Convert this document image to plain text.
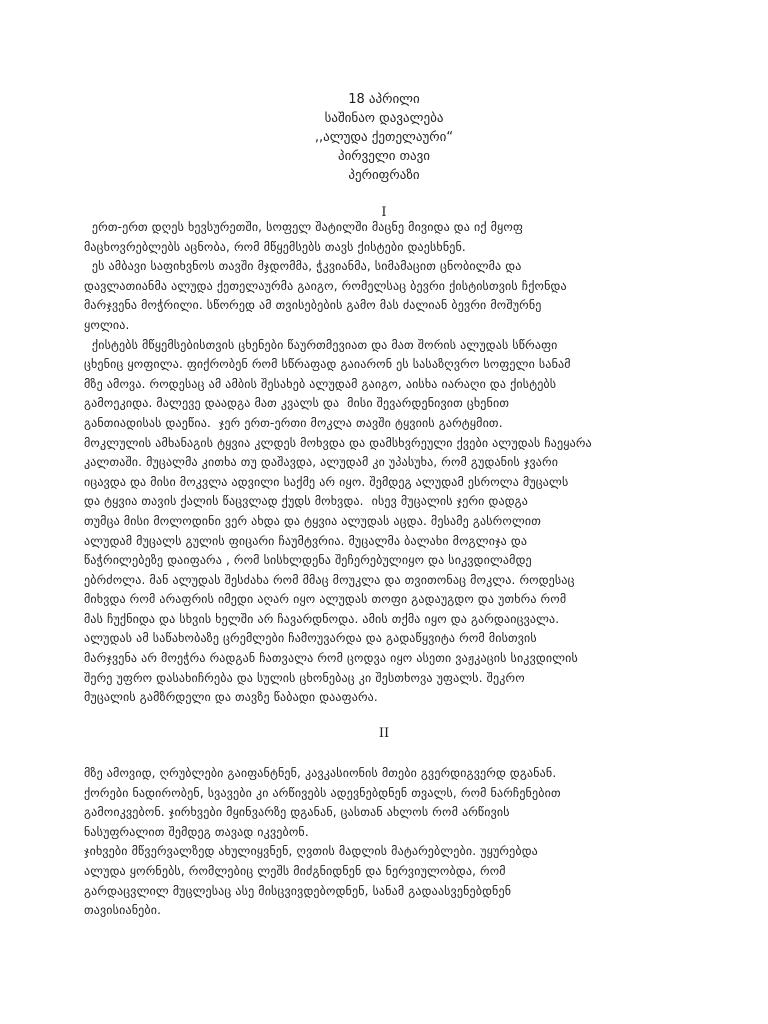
18 აპრილი
საშინაო დავალება
,,ალუდა ქეთელაური“
პირველი თავი
პერიფრაზი
I
ერთ-ერთ დღეს ხევსურეთში, სოფელ შატილში მაცნე მივიდა და იქ მყოფ
მაცხოვრებლებს აცნობა, რომ მწყემსებს თავს ქისტები დაესხნენ.
ეს ამბავი საფიხვნოს თავში მჯდომმა, ჭკვიანმა, სიმამაცით ცნობილმა და
დავლათიანმა ალუდა ქეთელაურმა გაიგო, რომელსაც ბევრი ქისტისთვის ჩქონდა
მარჯვენა მოჭრილი. სწორედ ამ თვისებების გამო მას ძალიან ბევრი მოშურნე
ყოლია.
ქისტებს მწყემსებისთვის ცხენები წაურთმევიათ და მათ შორის ალუდას სწრაფი
ცხენიც ყოფილა. ფიქრობენ რომ სწრაფად გაიარონ ეს სასაზღვრო სოფელი სანამ
მზე ამოვა. როდესაც ამ ამბის შესახებ ალუდამ გაიგო, აისხა იარაღი და ქისტებს
გამოეკიდა. მალევე დაადგა მათ კვალს და  მისი შევარდენივით ცხენით
განთიადისას დაეწია.  ჯერ ერთ-ერთი მოკლა თავში ტყვიის გარტყმით.
მოკლულის ამხანაგის ტყვია კლდეს მოხვდა და დამსხვრეული ქვები ალუდას ჩაეყარა
კალთაში. მუცალმა კითხა თუ დაშავდა, ალუდამ კი უპასუხა, რომ გუდანის ჯვარი
იცავდა და მისი მოკვლა ადვილი საქმე არ იყო. შემდეგ ალუდამ ესროლა მუცალს
და ტყვია თავის ქალის წაცვლად ქუდს მოხვდა.  ისევ მუცალის ჯერი დადგა
თუმცა მისი მოლოდინი ვერ ახდა და ტყვია ალუდას აცდა. მესამე გასროლით
ალუდამ მუცალს გულის ფიცარი ჩაუმტვრია. მუცალმა ბალახი მოგლიჯა და
წაჭრილებეზე დაიფარა , რომ სისხლდენა შეჩერებულიყო და სიკვდილამდე
ებრძოლა. მან ალუდას შესძახა რომ მმაც მოუკლა და თვითონაც მოკლა. როდესაც
მიხვდა რომ არაფრის იმედი აღარ იყო ალუდას თოფი გადაუგდო და უთხრა რომ
მას ჩუქნიდა და სხვის ხელში არ ჩავარდნოდა. ამის თქმა იყო და გარდაიცვალა.
ალუდას ამ საწახობაზე ცრემლები ჩამოუვარდა და გადაწყვიტა რომ მისთვის
მარჯვენა არ მოეჭრა რადგან ჩათვალა რომ ცოდვა იყო ასეთი ვაჟკაცის სიკვდილის
შერე უფრო დასახიჩრება და სულის ცხონებაც კი შესთხოვა უფალს. შეკრო
მუცალის გამზრდელი და თავზე წაბადი დააფარა.
II
მზე ამოვიდ, ღრუბლები გაიფანტნენ, კავკასიონის მთები გვერდიგვერდ დგანან.
ქორები ნადირობენ, სვავები კი არწივებს ადევნებდნენ თვალს, რომ ნარჩენებით
გამოიკვებონ. ჯირხვები მყინვარზე დგანან, ცასთან ახლოს რომ არწივის
ნასუფრალით შემდეგ თავად იკვებონ.
ჯიხვები მწვერვალზედ ახულიყვნენ, ღვთის მადლის მატარებლები. უყურებდა
ალუდა ყორნებს, რომლებიც ლეშს მიძგნიდნენ და ნერვიულობდა, რომ
გარდაცვლილ მუცლესაც ასე მისცვივდებოდნენ, სანამ გადაასვენებდნენ
თავისიანები.
